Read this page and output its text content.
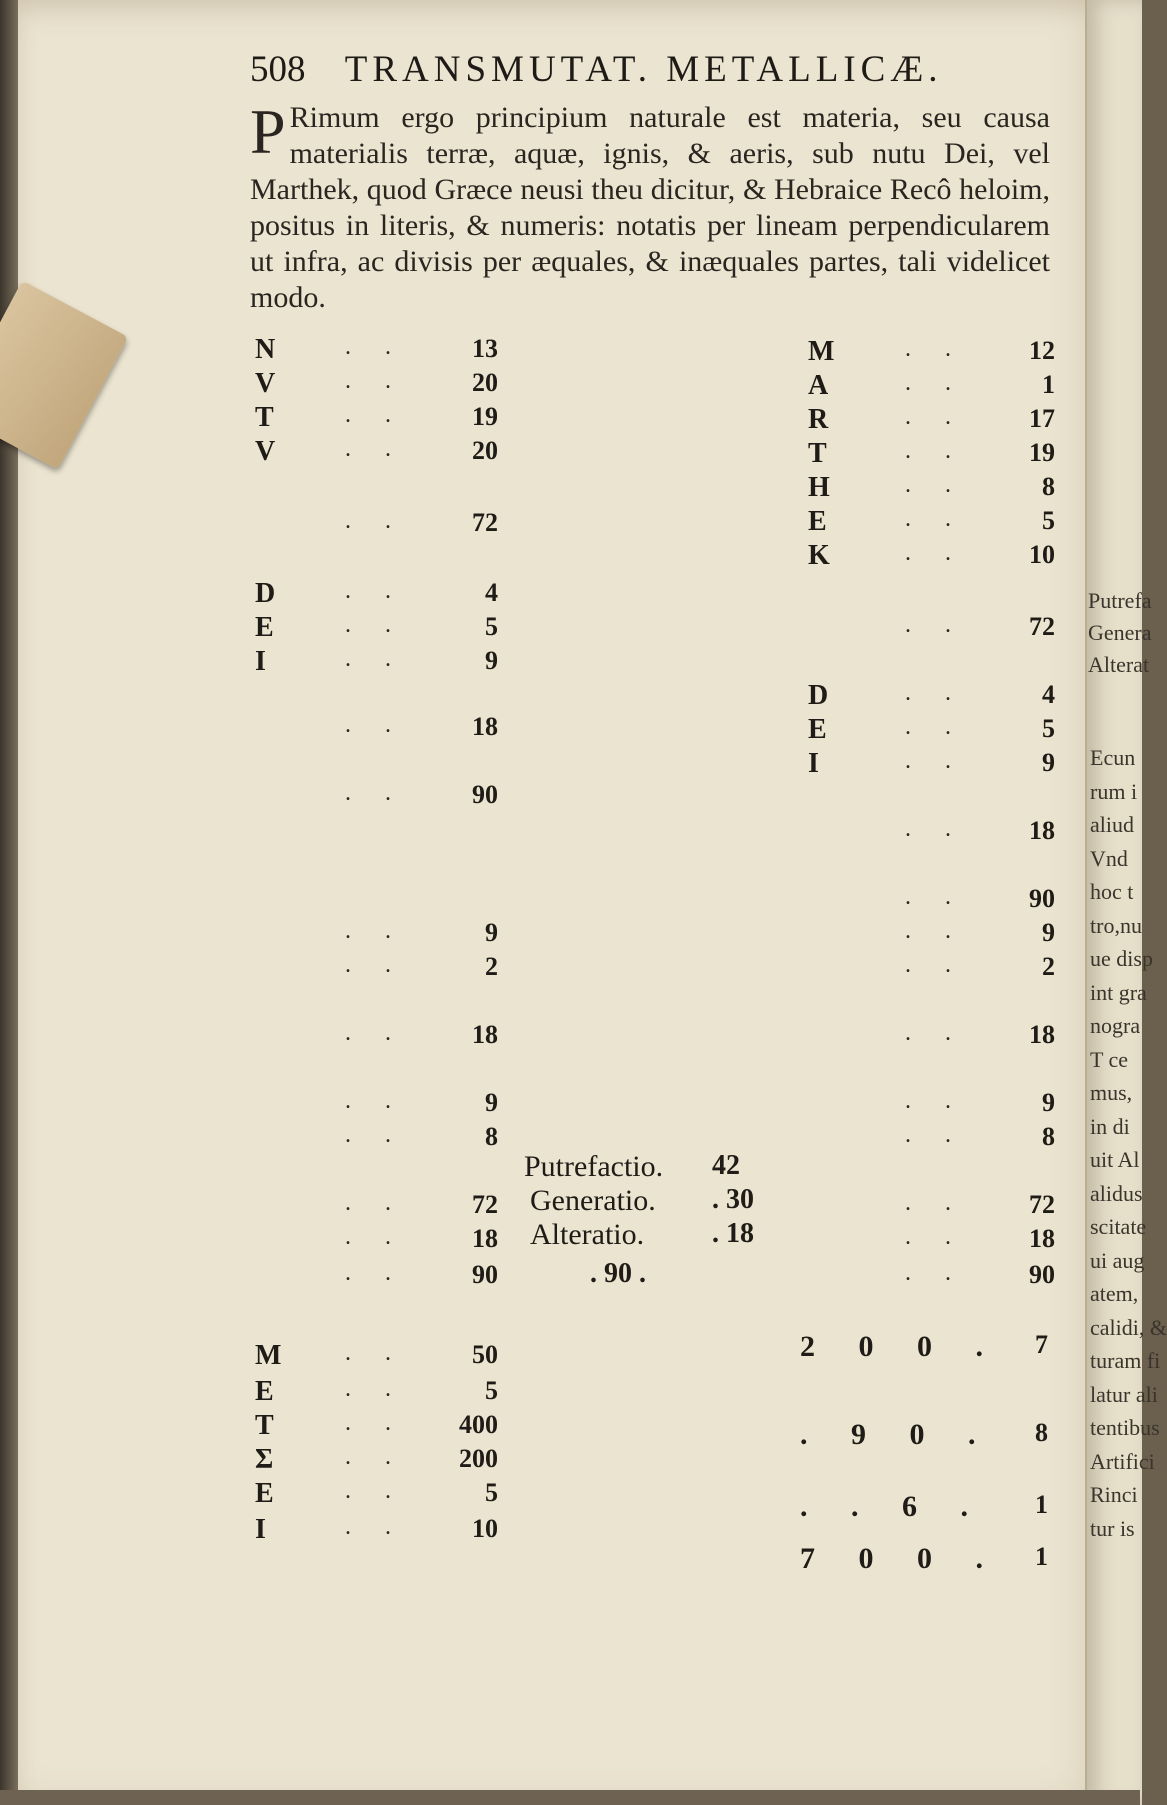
508 TRANSMUTAT. METALLICÆ.

P Rimum ergo principium naturale est materia, seu causa materialis terræ, aquæ, ignis, & aeris, sub nutu Dei, vel Marthek, quod Græce neusi theu dicitur, & Hebraice Recô heloim, positus in literis, & numeris: notatis per lineam perpendicularem ut infra, ac divisis per æquales, & inæquales partes, tali videlicet modo.

N	. .	13
V	. .	20
T	. .	19
V	. .	20
. .	72
D	. .	4
E	. .	5
I	. .	9
. .	18
. .	90
. .	9
. .	2
. .	18
. .	9
. .	8
. .	72
. .	18
. .	90
M	. .	50
E	. .	5
T	. .	400
Σ	. .	200
E	. .	5
I	. .	10
M	. .	12
A	. .	1
R	. .	17
T	. .	19
H	. .	8
E	. .	5
K	. .	10
. .	72
D	. .	4
E	. .	5
I	. .	9
. .	18
. .	90
. .	9
. .	2
. .	18
. .	9
. .	8
. .	72
. .	18
. .	90
2 0 0 .	7
. 9 0 .	8
. . 6 .	1
7 0 0 .	1
Putrefactio. 42
Generatio. . 30
Alteratio. . 18
. 90 .
Putrefa
Genera
Alterat
Ecun
rum i
aliud
Vnd
hoc t
tro,nu
ue disp
int gra
nogra
T ce
mus,
in di
uit Al
alidus
scitate
ui aug
atem,
calidi, &
turam fi
latur ali
tentibus
Artifici
Rinci
tur is
